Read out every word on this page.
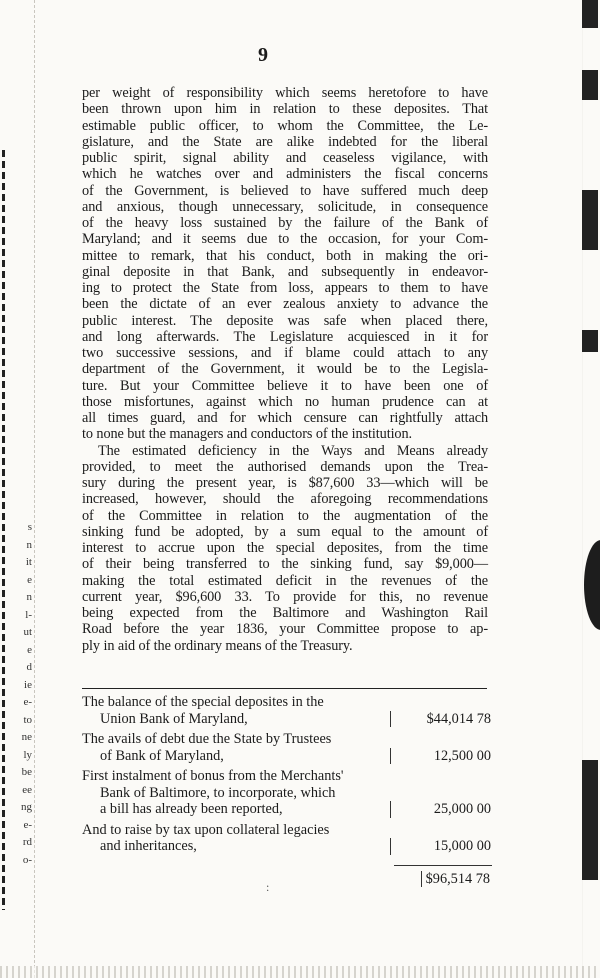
s
n
it
e
n
l-
ut
e
d
ie
e-
to
ne
ly
be
ee
ng
e-
rd
o-
9
per weight of responsibility which seems heretofore to have
been thrown upon him in relation to these deposites. That
estimable public officer, to whom the Committee, the Le-
gislature, and the State are alike indebted for the liberal
public spirit, signal ability and ceaseless vigilance, with
which he watches over and administers the fiscal concerns
of the Government, is believed to have suffered much deep
and anxious, though unnecessary, solicitude, in consequence
of the heavy loss sustained by the failure of the Bank of
Maryland; and it seems due to the occasion, for your Com-
mittee to remark, that his conduct, both in making the ori-
ginal deposite in that Bank, and subsequently in endeavor-
ing to protect the State from loss, appears to them to have
been the dictate of an ever zealous anxiety to advance the
public interest. The deposite was safe when placed there,
and long afterwards. The Legislature acquiesced in it for
two successive sessions, and if blame could attach to any
department of the Government, it would be to the Legisla-
ture. But your Committee believe it to have been one of
those misfortunes, against which no human prudence can at
all times guard, and for which censure can rightfully attach
to none but the managers and conductors of the institution.
The estimated deficiency in the Ways and Means already
provided, to meet the authorised demands upon the Trea-
sury during the present year, is $87,600 33—which will be
increased, however, should the aforegoing recommendations
of the Committee in relation to the augmentation of the
sinking fund be adopted, by a sum equal to the amount of
interest to accrue upon the special deposites, from the time
of their being transferred to the sinking fund, say $9,000—
making the total estimated deficit in the revenues of the
current year, $96,600 33. To provide for this, no revenue
being expected from the Baltimore and Washington Rail
Road before the year 1836, your Committee propose to ap-
ply in aid of the ordinary means of the Treasury.
The balance of the special deposites in the
Union Bank of Maryland,	$44,014 78
The avails of debt due the State by Trustees
of Bank of Maryland,	12,500 00
First instalment of bonus from the Merchants'
Bank of Baltimore, to incorporate, which
a bill has already been reported,	25,000 00
And to raise by tax upon collateral legacies
and inheritances,	15,000 00
$96,514 78
:
